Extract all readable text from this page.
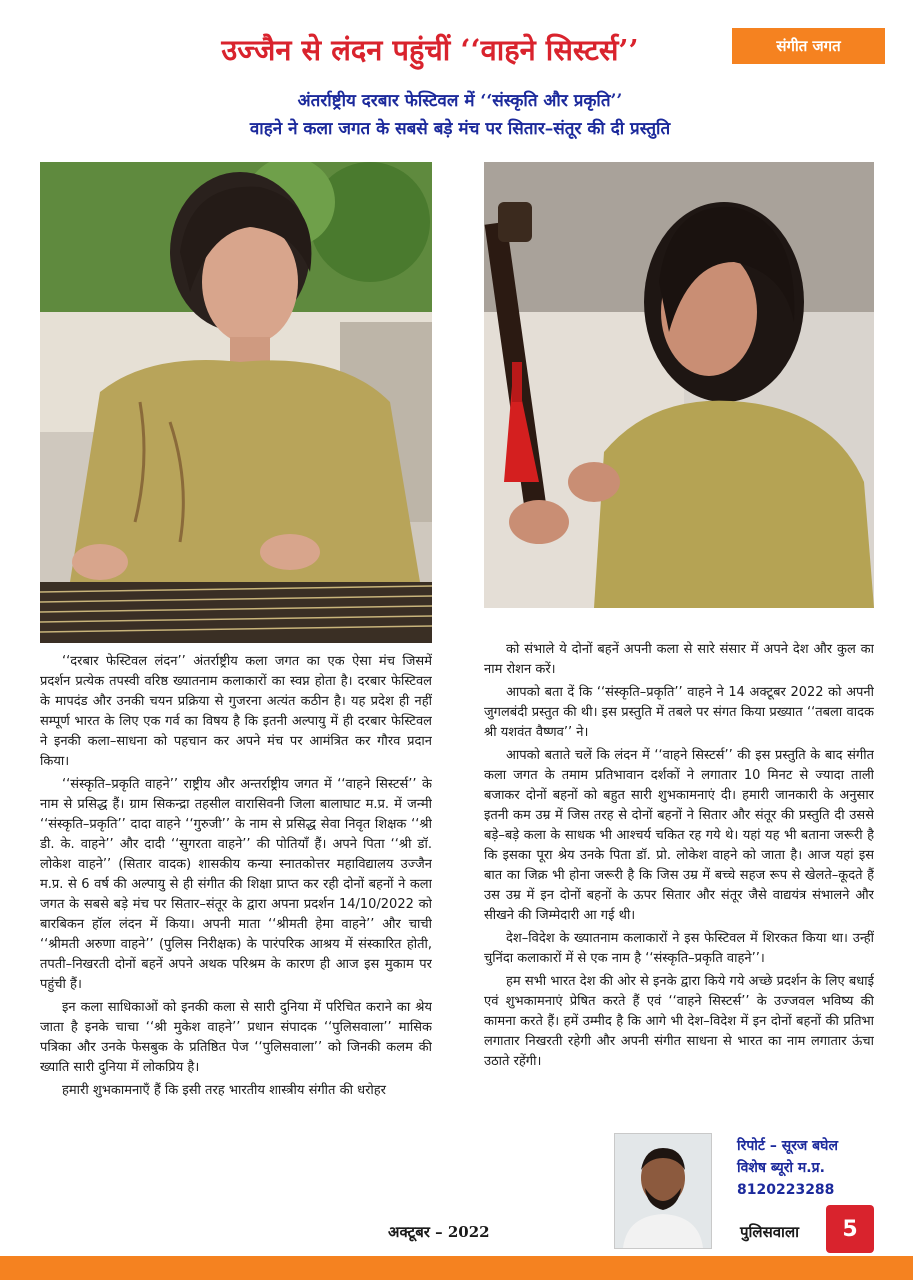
संगीत जगत
उज्जैन से लंदन पहुंचीं ‘‘वाहने सिस्टर्स’’
अंतर्राष्ट्रीय दरबार फेस्टिवल में ‘‘संस्कृति और प्रकृति’’
वाहने ने कला जगत के सबसे बड़े मंच पर सितार–संतूर की दी प्रस्तुति

‘‘दरबार फेस्टिवल लंदन’’ अंतर्राष्ट्रीय कला जगत का एक ऐसा मंच जिसमें प्रदर्शन प्रत्येक तपस्वी वरिष्ठ ख्यातनाम कलाकारों का स्वप्न होता है। दरबार फेस्टिवल के मापदंड और उनकी चयन प्रक्रिया से गुजरना अत्यंत कठीन है। यह प्रदेश ही नहीं सम्पूर्ण भारत के लिए एक गर्व का विषय है कि इतनी अल्पायु में ही दरबार फेस्टिवल ने इनकी कला–साधना को पहचान कर अपने मंच पर आमंत्रित कर गौरव प्रदान किया।

‘‘संस्कृति–प्रकृति वाहने’’ राष्ट्रीय और अन्तर्राष्ट्रीय जगत में ‘‘वाहने सिस्टर्स’’ के नाम से प्रसिद्ध हैं। ग्राम सिकन्द्रा तहसील वारासिवनी जिला बालाघाट म.प्र. में जन्मी ‘‘संस्कृति–प्रकृति’’ दादा वाहने ‘‘गुरुजी’’ के नाम से प्रसिद्ध सेवा निवृत शिक्षक ‘‘श्री डी. के. वाहने’’ और दादी ‘‘सुगरता वाहने’’ की पोतियाँ हैं। अपने पिता ‘‘श्री डॉ. लोकेश वाहने’’ (सितार वादक) शासकीय कन्या स्नातकोत्तर महाविद्यालय उज्जैन म.प्र. से 6 वर्ष की अल्पायु से ही संगीत की शिक्षा प्राप्त कर रही दोनों बहनों ने कला जगत के सबसे बड़े मंच पर सितार–संतूर के द्वारा अपना प्रदर्शन 14/10/2022 को बारबिकन हॉल लंदन में किया। अपनी माता ‘‘श्रीमती हेमा वाहने’’ और चाची ‘‘श्रीमती अरुणा वाहने’’ (पुलिस निरीक्षक) के पारंपरिक आश्रय में संस्कारित होती, तपती–निखरती दोनों बहनें अपने अथक परिश्रम के कारण ही आज इस मुकाम पर पहुंची हैं।

इन कला साधिकाओं को इनकी कला से सारी दुनिया में परिचित कराने का श्रेय जाता है इनके चाचा ‘‘श्री मुकेश वाहने’’ प्रधान संपादक ‘‘पुलिसवाला’’ मासिक पत्रिका और उनके फेसबुक के प्रतिष्ठित पेज ‘‘पुलिसवाला’’ को जिनकी कलम की ख्याति सारी दुनिया में लोकप्रिय है।

हमारी शुभकामनाएँ हैं कि इसी तरह भारतीय शास्त्रीय संगीत की धरोहर

को संभाले ये दोनों बहनें अपनी कला से सारे संसार में अपने देश और कुल का नाम रोशन करें।

आपको बता दें कि ‘‘संस्कृति–प्रकृति’’ वाहने ने 14 अक्टूबर 2022 को अपनी जुगलबंदी प्रस्तुत की थी। इस प्रस्तुति में तबले पर संगत किया प्रख्यात ‘‘तबला वादक श्री यशवंत वैष्णव’’ ने।

आपको बताते चलें कि लंदन में ‘‘वाहने सिस्टर्स’’ की इस प्रस्तुति के बाद संगीत कला जगत के तमाम प्रतिभावान दर्शकों ने लगातार 10 मिनट से ज्यादा ताली बजाकर दोनों बहनों को बहुत सारी शुभकामनाएं दी। हमारी जानकारी के अनुसार इतनी कम उम्र में जिस तरह से दोनों बहनों ने सितार और संतूर की प्रस्तुति दी उससे बड़े–बड़े कला के साधक भी आश्चर्य चकित रह गये थे। यहां यह भी बताना जरूरी है कि इसका पूरा श्रेय उनके पिता डॉ. प्रो. लोकेश वाहने को जाता है। आज यहां इस बात का जिक्र भी होना जरूरी है कि जिस उम्र में बच्चे सहज रूप से खेलते–कूदते हैं उस उम्र में इन दोनों बहनों के ऊपर सितार और संतूर जैसे वाद्ययंत्र संभालने और सीखने की जिम्मेदारी आ गई थी।

देश–विदेश के ख्यातनाम कलाकारों ने इस फेस्टिवल में शिरकत किया था। उन्हीं चुनिंदा कलाकारों में से एक नाम है ‘‘संस्कृति–प्रकृति वाहने’’।

हम सभी भारत देश की ओर से इनके द्वारा किये गये अच्छे प्रदर्शन के लिए बधाई एवं शुभकामनाएं प्रेषित करते हैं एवं ‘‘वाहने सिस्टर्स’’ के उज्जवल भविष्य की कामना करते हैं। हमें उम्मीद है कि आगे भी देश–विदेश में इन दोनों बहनों की प्रतिभा लगातार निखरती रहेगी और अपनी संगीत साधना से भारत का नाम लगातार ऊंचा उठाते रहेंगी।

रिपोर्ट – सूरज बघेल
विशेष ब्यूरो म.प्र.
8120223288
अक्टूबर – 2022	पुलिसवाला	5
